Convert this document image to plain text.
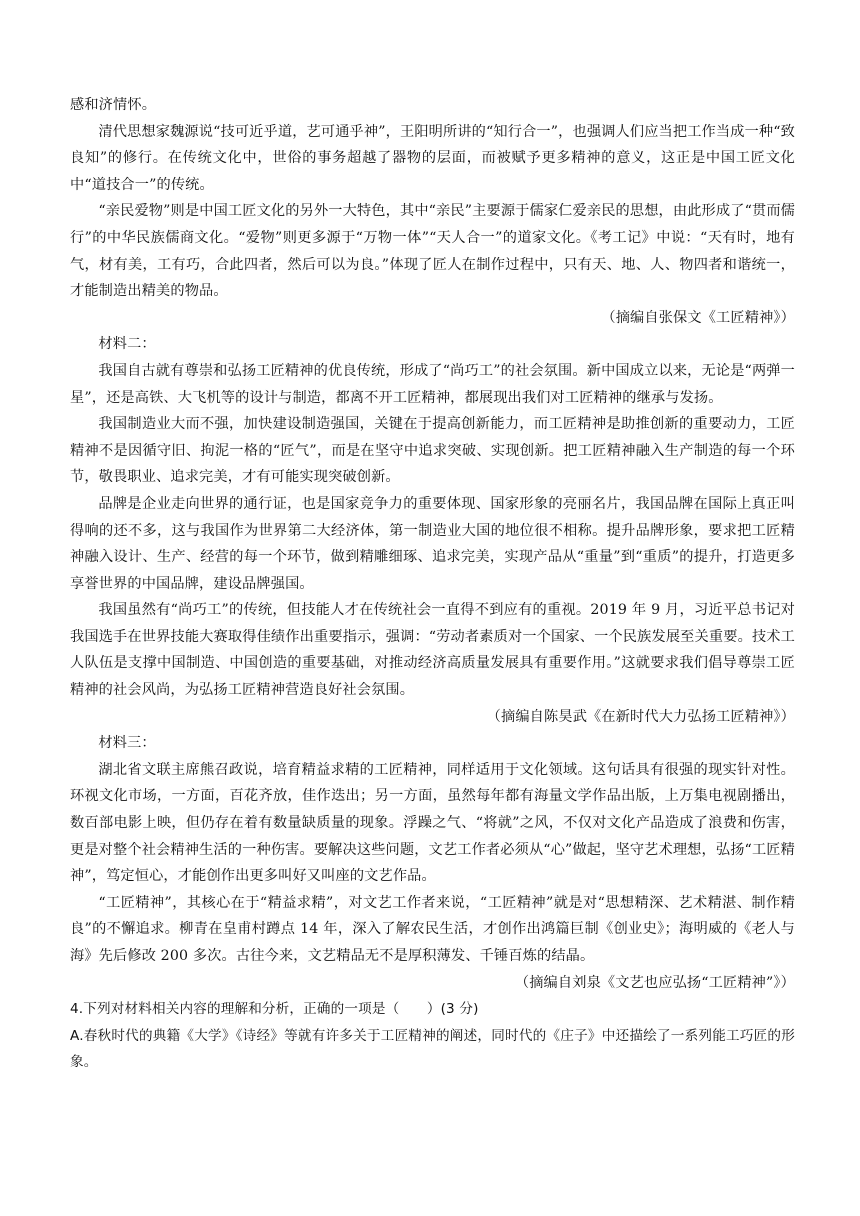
感和济情怀。

清代思想家魏源说“技可近乎道，艺可通乎神”，王阳明所讲的“知行合一”，也强调人们应当把工作当成一种“致良知”的修行。在传统文化中，世俗的事务超越了器物的层面，而被赋予更多精神的意义，这正是中国工匠文化中“道技合一”的传统。

“亲民爱物”则是中国工匠文化的另外一大特色，其中“亲民”主要源于儒家仁爱亲民的思想，由此形成了“贯而儒行”的中华民族儒商文化。“爱物”则更多源于“万物一体”“天人合一”的道家文化。《考工记》中说：“天有时，地有气，材有美，工有巧，合此四者，然后可以为良。”体现了匠人在制作过程中，只有天、地、人、物四者和谐统一，才能制造出精美的物品。

（摘编自张保文《工匠精神》）

材料二：

我国自古就有尊崇和弘扬工匠精神的优良传统，形成了“尚巧工”的社会氛围。新中国成立以来，无论是“两弹一星”，还是高铁、大飞机等的设计与制造，都离不开工匠精神，都展现出我们对工匠精神的继承与发扬。

我国制造业大而不强，加快建设制造强国，关键在于提高创新能力，而工匠精神是助推创新的重要动力，工匠精神不是因循守旧、拘泥一格的“匠气”，而是在坚守中追求突破、实现创新。把工匠精神融入生产制造的每一个环节，敬畏职业、追求完美，才有可能实现突破创新。

品牌是企业走向世界的通行证，也是国家竞争力的重要体现、国家形象的亮丽名片，我国品牌在国际上真正叫得响的还不多，这与我国作为世界第二大经济体，第一制造业大国的地位很不相称。提升品牌形象，要求把工匠精神融入设计、生产、经营的每一个环节，做到精雕细琢、追求完美，实现产品从“重量”到“重质”的提升，打造更多享誉世界的中国品牌，建设品牌强国。

我国虽然有“尚巧工”的传统，但技能人才在传统社会一直得不到应有的重视。2019 年 9 月，习近平总书记对我国选手在世界技能大赛取得佳绩作出重要指示，强调：“劳动者素质对一个国家、一个民族发展至关重要。技术工人队伍是支撑中国制造、中国创造的重要基础，对推动经济高质量发展具有重要作用。”这就要求我们倡导尊崇工匠精神的社会风尚，为弘扬工匠精神营造良好社会氛围。

（摘编自陈昊武《在新时代大力弘扬工匠精神》）

材料三：

湖北省文联主席熊召政说，培育精益求精的工匠精神，同样适用于文化领域。这句话具有很强的现实针对性。环视文化市场，一方面，百花齐放，佳作迭出；另一方面，虽然每年都有海量文学作品出版，上万集电视剧播出，数百部电影上映，但仍存在着有数量缺质量的现象。浮躁之气、“将就”之风，不仅对文化产品造成了浪费和伤害，更是对整个社会精神生活的一种伤害。要解决这些问题，文艺工作者必须从“心”做起，坚守艺术理想，弘扬“工匠精神”，笃定恒心，才能创作出更多叫好又叫座的文艺作品。

“工匠精神”，其核心在于“精益求精”，对文艺工作者来说，“工匠精神”就是对“思想精深、艺术精湛、制作精良”的不懈追求。柳青在皇甫村蹲点 14 年，深入了解农民生活，才创作出鸿篇巨制《创业史》；海明威的《老人与海》先后修改 200 多次。古往今来，文艺精品无不是厚积薄发、千锤百炼的结晶。

（摘编自刘泉《文艺也应弘扬“工匠精神”》）

4.下列对材料相关内容的理解和分析，正确的一项是（　　）(3 分)

A.春秋时代的典籍《大学》《诗经》等就有许多关于工匠精神的阐述，同时代的《庄子》中还描绘了一系列能工巧匠的形象。
